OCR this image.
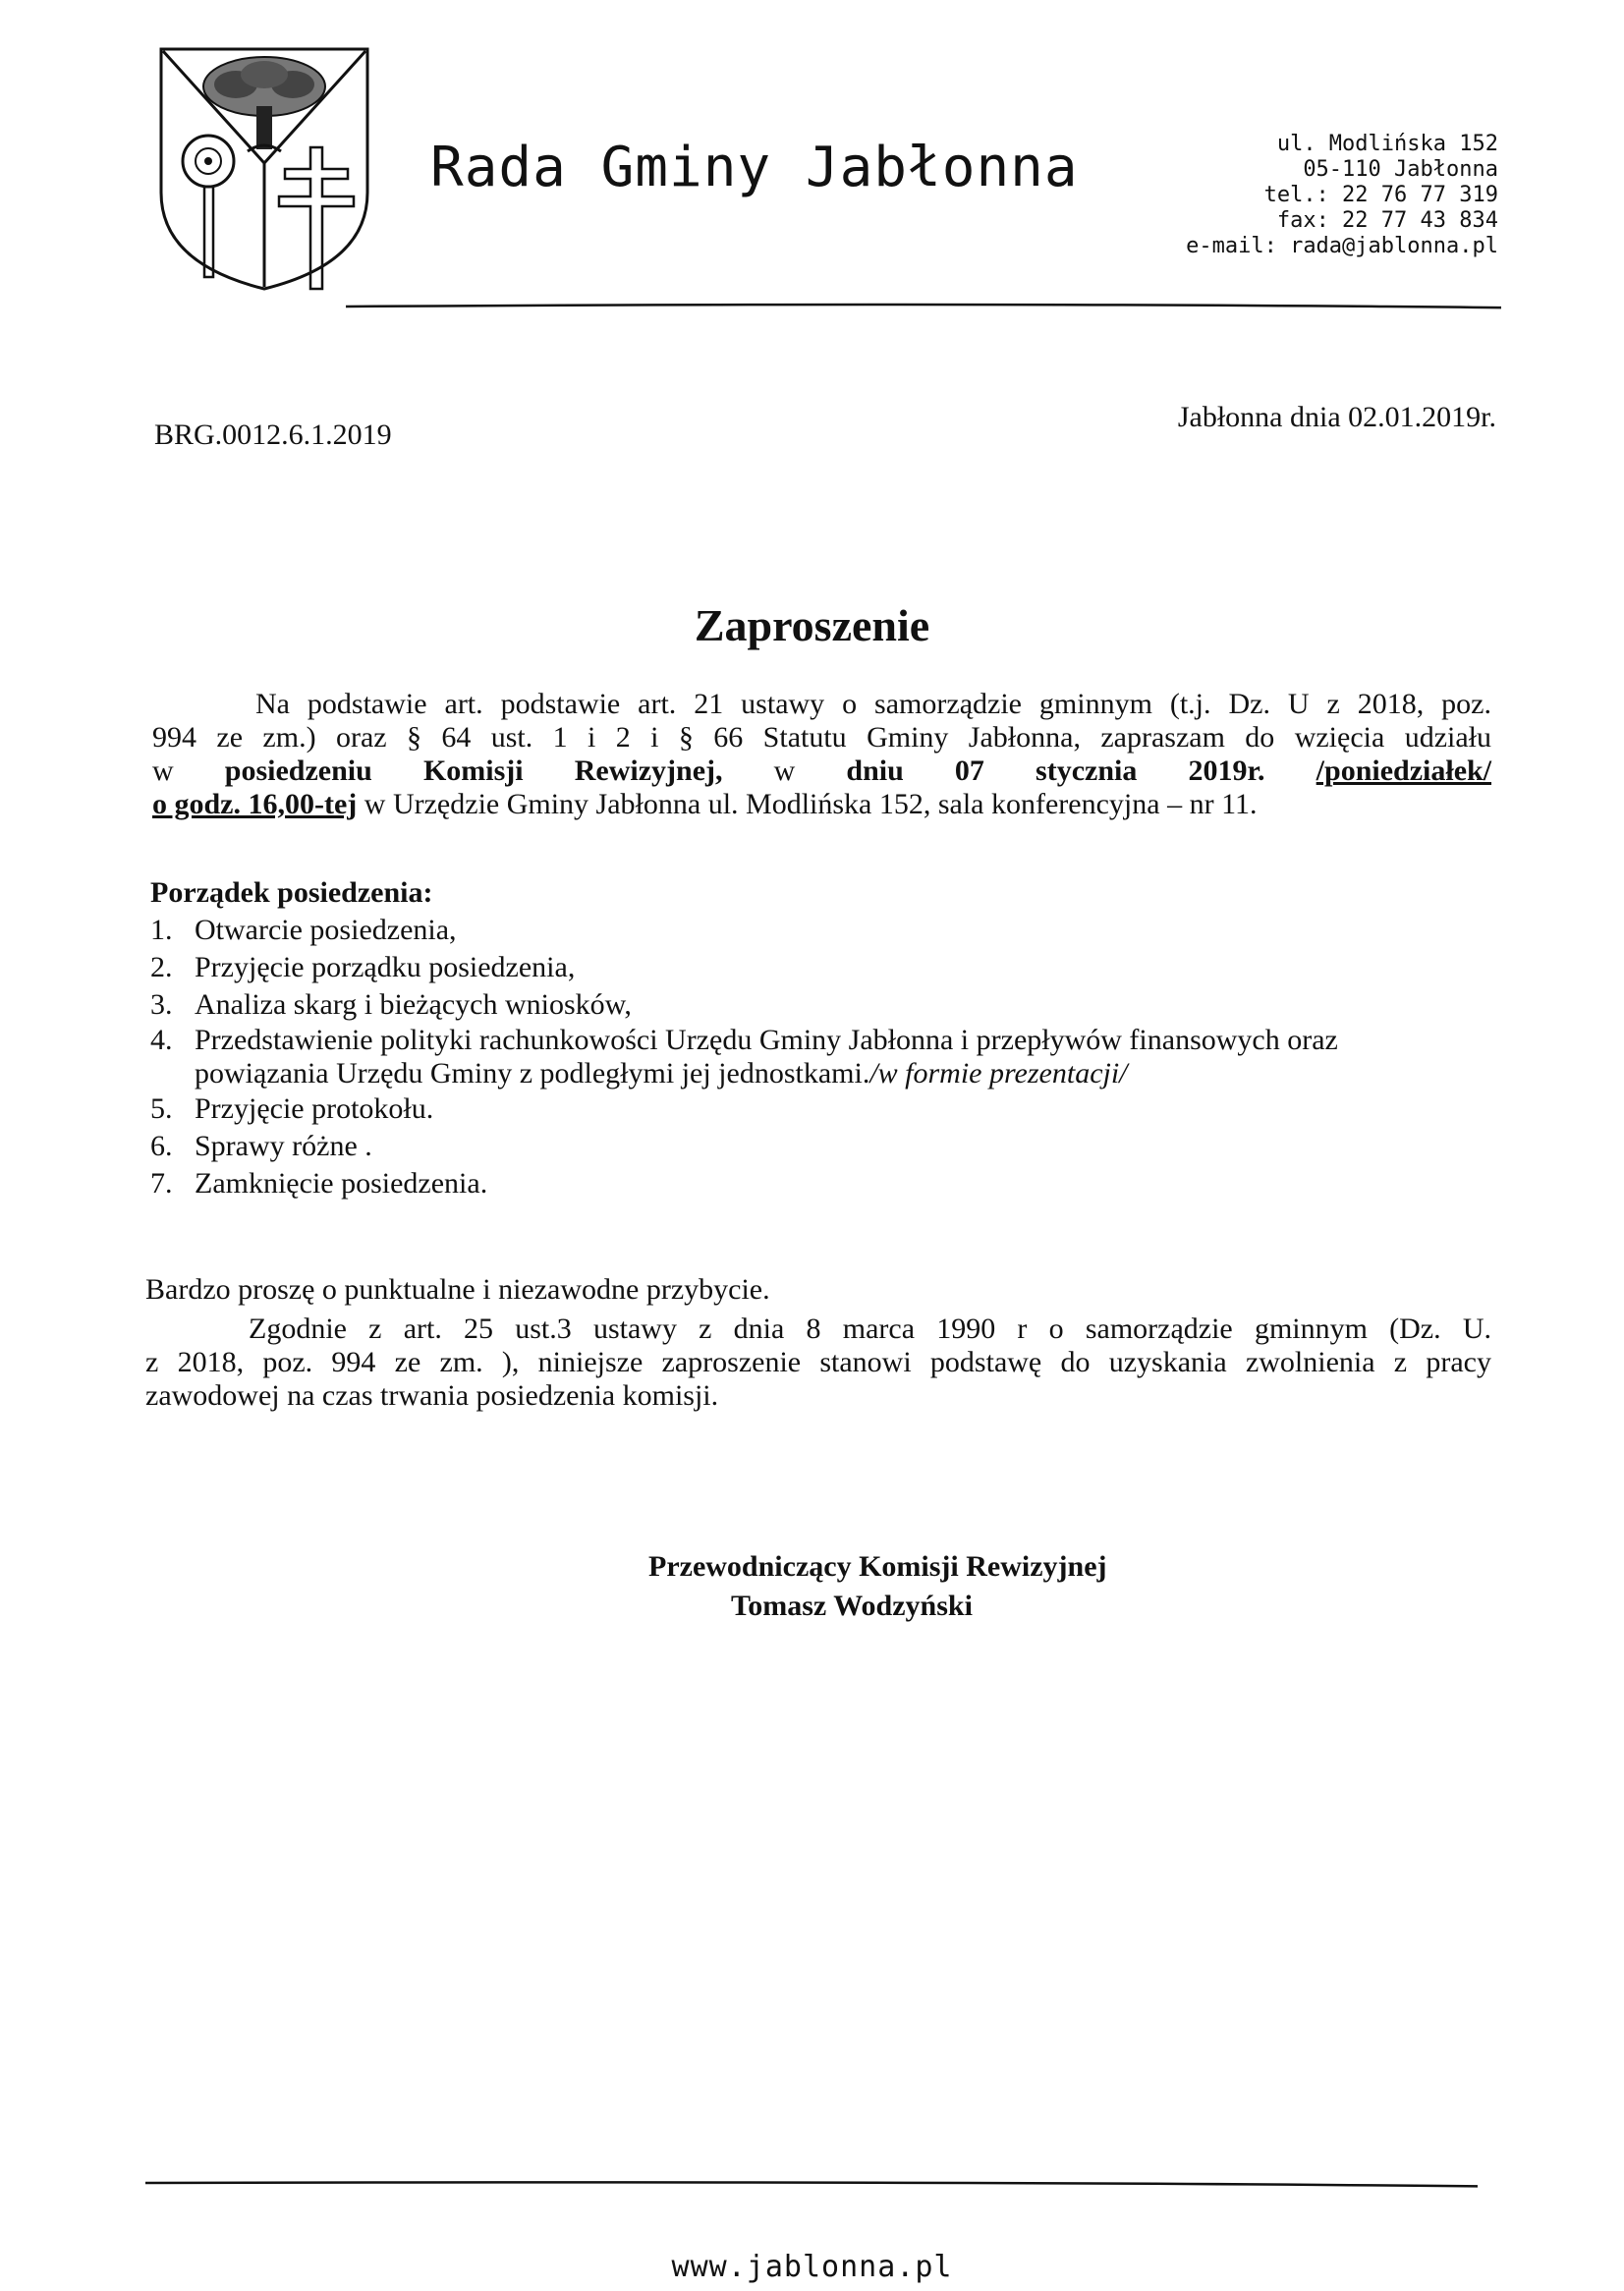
Rada Gminy Jabłonna	ul. Modlińska 152
05-110 Jabłonna
tel.: 22 76 77 319
fax: 22 77 43 834
e-mail: rada@jablonna.pl
BRG.0012.6.1.2019
Jabłonna dnia 02.01.2019r.
Zaproszenie
Na podstawie art. podstawie art. 21 ustawy o samorządzie gminnym (t.j. Dz. U z 2018, poz.
994 ze zm.) oraz § 64 ust. 1 i 2 i § 66 Statutu Gminy Jabłonna, zapraszam do wzięcia udziału
w posiedzeniu Komisji Rewizyjnej, w dniu 07 stycznia 2019r. /poniedziałek/
o godz. 16,00-tej w Urzędzie Gminy Jabłonna ul. Modlińska 152, sala konferencyjna – nr 11.
Porządek posiedzenia:
1. Otwarcie posiedzenia,
2. Przyjęcie porządku posiedzenia,
3. Analiza skarg i bieżących wniosków,
4. Przedstawienie polityki rachunkowości Urzędu Gminy Jabłonna i przepływów finansowych oraz
powiązania Urzędu Gminy z podległymi jej jednostkami./w formie prezentacji/
5. Przyjęcie protokołu.
6. Sprawy różne .
7. Zamknięcie posiedzenia.
Bardzo proszę o punktualne i niezawodne przybycie.
Zgodnie z art. 25 ust.3 ustawy z dnia 8 marca 1990 r o samorządzie gminnym (Dz. U.
z 2018, poz. 994 ze zm. ), niniejsze zaproszenie stanowi podstawę do uzyskania zwolnienia z pracy
zawodowej na czas trwania posiedzenia komisji.
Przewodniczący Komisji Rewizyjnej
Tomasz Wodzyński
www.jablonna.pl
